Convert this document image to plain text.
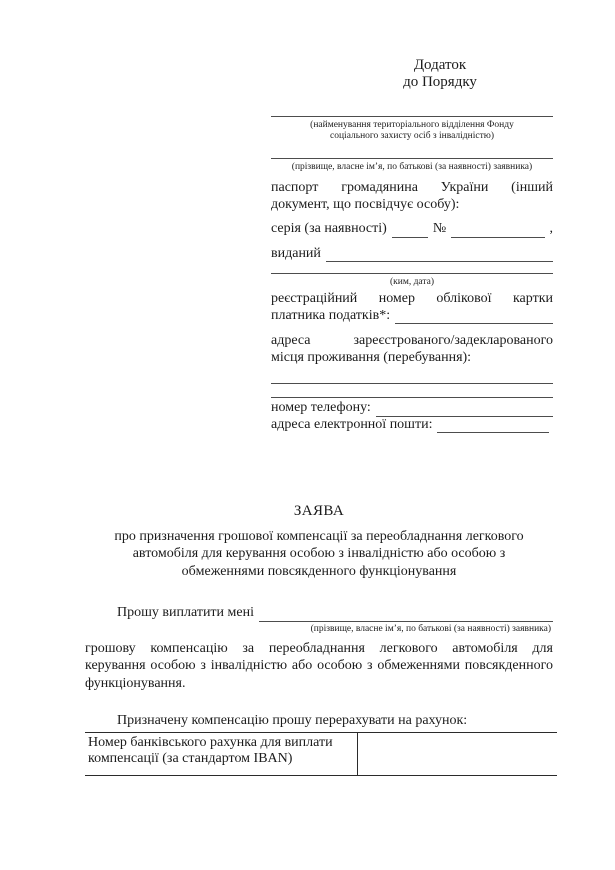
Додаток
до Порядку
(найменування територіального відділення Фонду
соціального захисту осіб з інвалідністю)
(прізвище, власне ім’я, по батькові (за наявності) заявника)
паспорт громадянина України (інший
документ, що посвідчує особу):
серія (за наявності)	№	,
виданий
(ким, дата)
реєстраційний номер облікової картки
платника податків*:
адреса зареєстрованого/задекларованого
місця проживання (перебування):
номер телефону:
адреса електронної пошти:
ЗАЯВА
про призначення грошової компенсації за переобладнання легкового
автомобіля для керування особою з інвалідністю або особою з
обмеженнями повсякденного функціонування
Прошу виплатити мені
(прізвище, власне ім’я, по батькові (за наявності) заявника)
грошову компенсацію за переобладнання легкового автомобіля для
керування особою з інвалідністю або особою з обмеженнями повсякденного
функціонування.
Призначену компенсацію прошу перерахувати на рахунок:
Номер банківського рахунка для виплати
компенсації (за стандартом IBAN)
